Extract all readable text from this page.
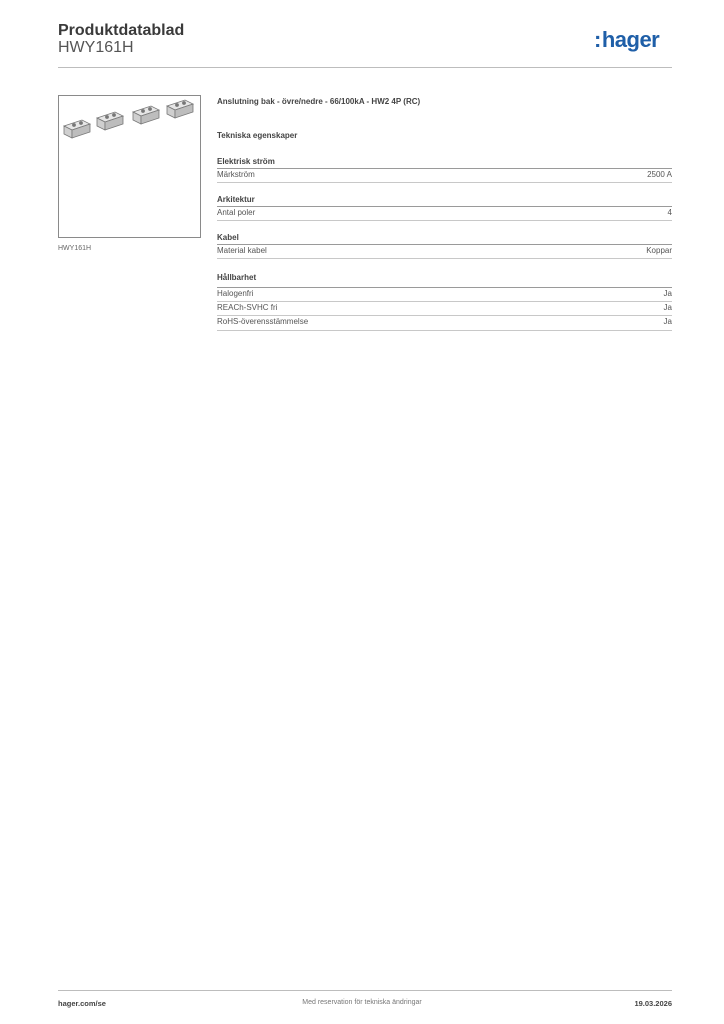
Produktdatablad
HWY161H	:hager
HWY161H
Anslutning bak - övre/nedre - 66/100kA - HW2 4P (RC)
Tekniska egenskaper
Elektrisk ström
Märkström	2500 A
Arkitektur
Antal poler	4
Kabel
Material kabel	Koppar
Hållbarhet
Halogenfri	Ja
REACh-SVHC fri	Ja
RoHS-överensstämmelse	Ja
hager.com/se	Med reservation för tekniska ändringar	19.03.2026
